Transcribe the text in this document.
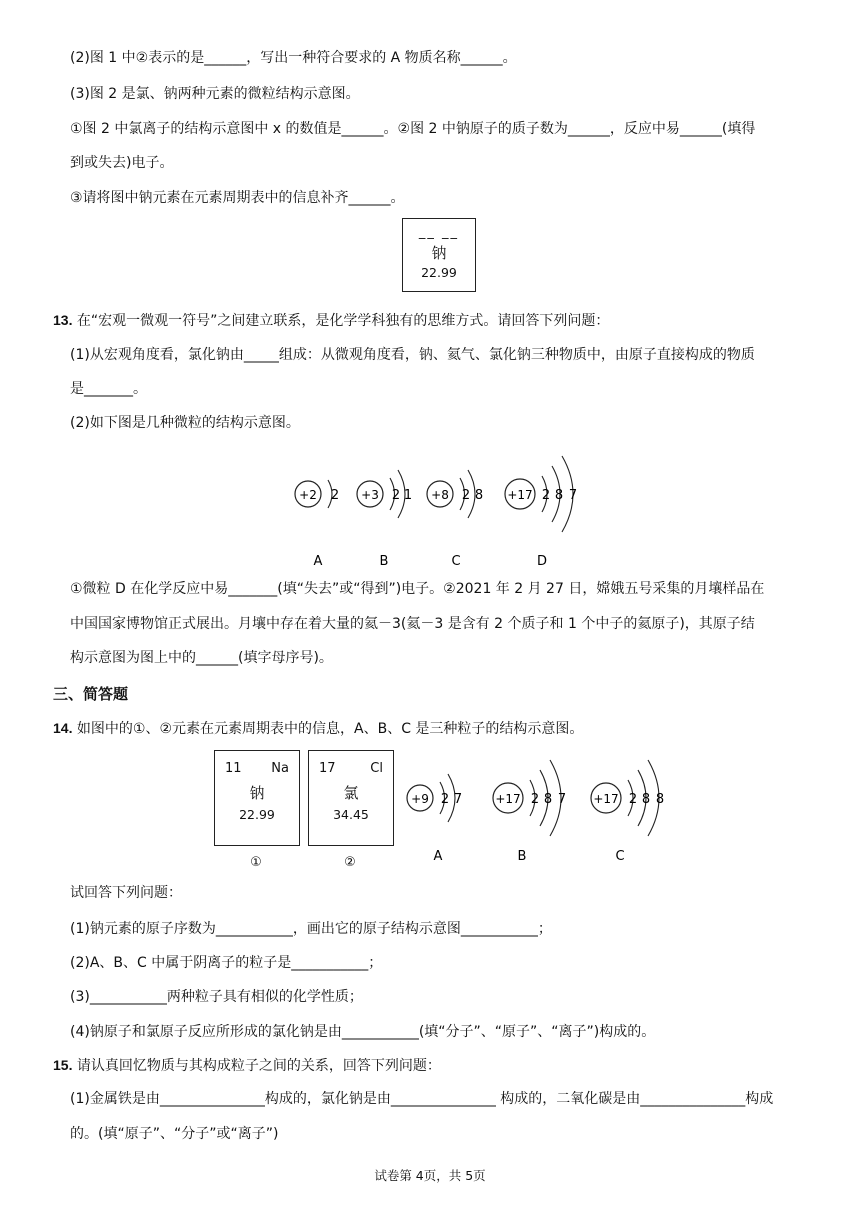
(2)图 1 中②表示的是______，写出一种符合要求的 A 物质名称______。
(3)图 2 是氯、钠两种元素的微粒结构示意图。
①图 2 中氯离子的结构示意图中 x 的数值是______。②图 2 中钠原子的质子数为______，反应中易______(填得
到或失去)电子。
③请将图中钠元素在元素周期表中的信息补齐______。
__ __
钠
22.99
13. 在“宏观一微观一符号”之间建立联系，是化学学科独有的思维方式。请回答下列问题：
(1)从宏观角度看，氯化钠由_____组成：从微观角度看，钠、氦气、氯化钠三种物质中，由原子直接构成的物质
是_______。
(2)如下图是几种微粒的结构示意图。
+2 2
A
+3 2 1
B
+8 2 8
C
+17 2 8 7
D
①微粒 D 在化学反应中易_______(填“失去”或“得到”)电子。②2021 年 2 月 27 日，嫦娥五号采集的月壤样品在
中国国家博物馆正式展出。月壤中存在着大量的氦－3(氦－3 是含有 2 个质子和 1 个中子的氦原子)，其原子结
构示意图为图上中的______(填字母序号)。
三、简答题
14. 如图中的①、②元素在元素周期表中的信息，A、B、C 是三种粒子的结构示意图。
11 Na
钠
22.99
①
17	Cl
氯
34.45
②
+9 2 7
A
+17 2 8 7
B
+17 2 8 8
C
试回答下列问题：
(1)钠元素的原子序数为___________，画出它的原子结构示意图___________；
(2)A、B、C 中属于阴离子的粒子是___________；
(3)___________两种粒子具有相似的化学性质；
(4)钠原子和氯原子反应所形成的氯化钠是由___________(填“分子”、“原子”、“离子”)构成的。
15. 请认真回忆物质与其构成粒子之间的关系，回答下列问题：
(1)金属铁是由_______________构成的，氯化钠是由_______________ 构成的，二氧化碳是由_______________构成
的。(填“原子”、“分子”或“离子”)
试卷第 4页，共 5页
